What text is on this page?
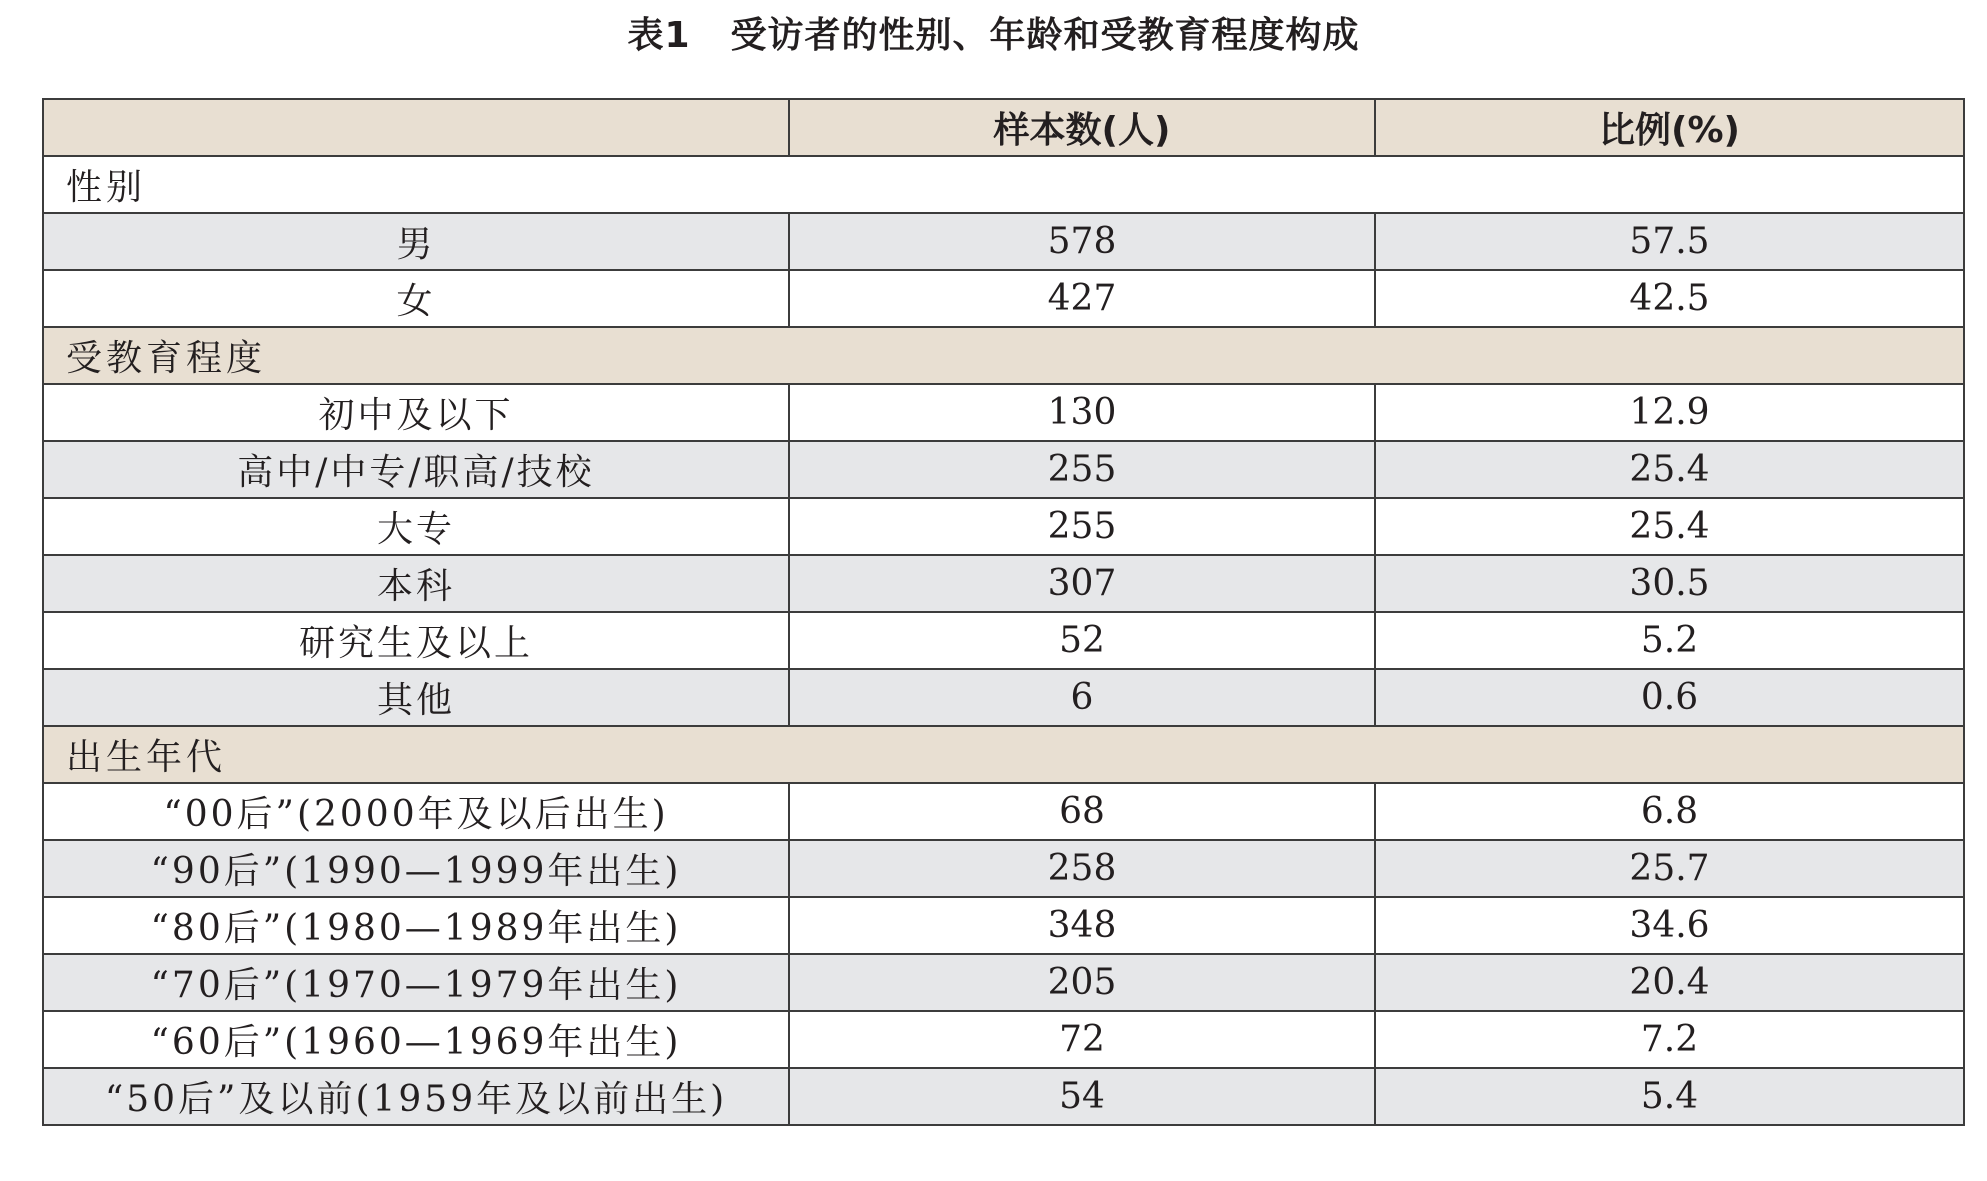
表1 受访者的性别、年龄和受教育程度构成
	样本数(人)	比例(%)
性别		
男	578	57.5
女	427	42.5
受教育程度		
初中及以下	130	12.9
高中/中专/职高/技校	255	25.4
大专	255	25.4
本科	307	30.5
研究生及以上	52	5.2
其他	6	0.6
出生年代		
“00后”(2000年及以后出生)	68	6.8
“90后”(1990—1999年出生)	258	25.7
“80后”(1980—1989年出生)	348	34.6
“70后”(1970—1979年出生)	205	20.4
“60后”(1960—1969年出生)	72	7.2
“50后”及以前(1959年及以前出生)	54	5.4
